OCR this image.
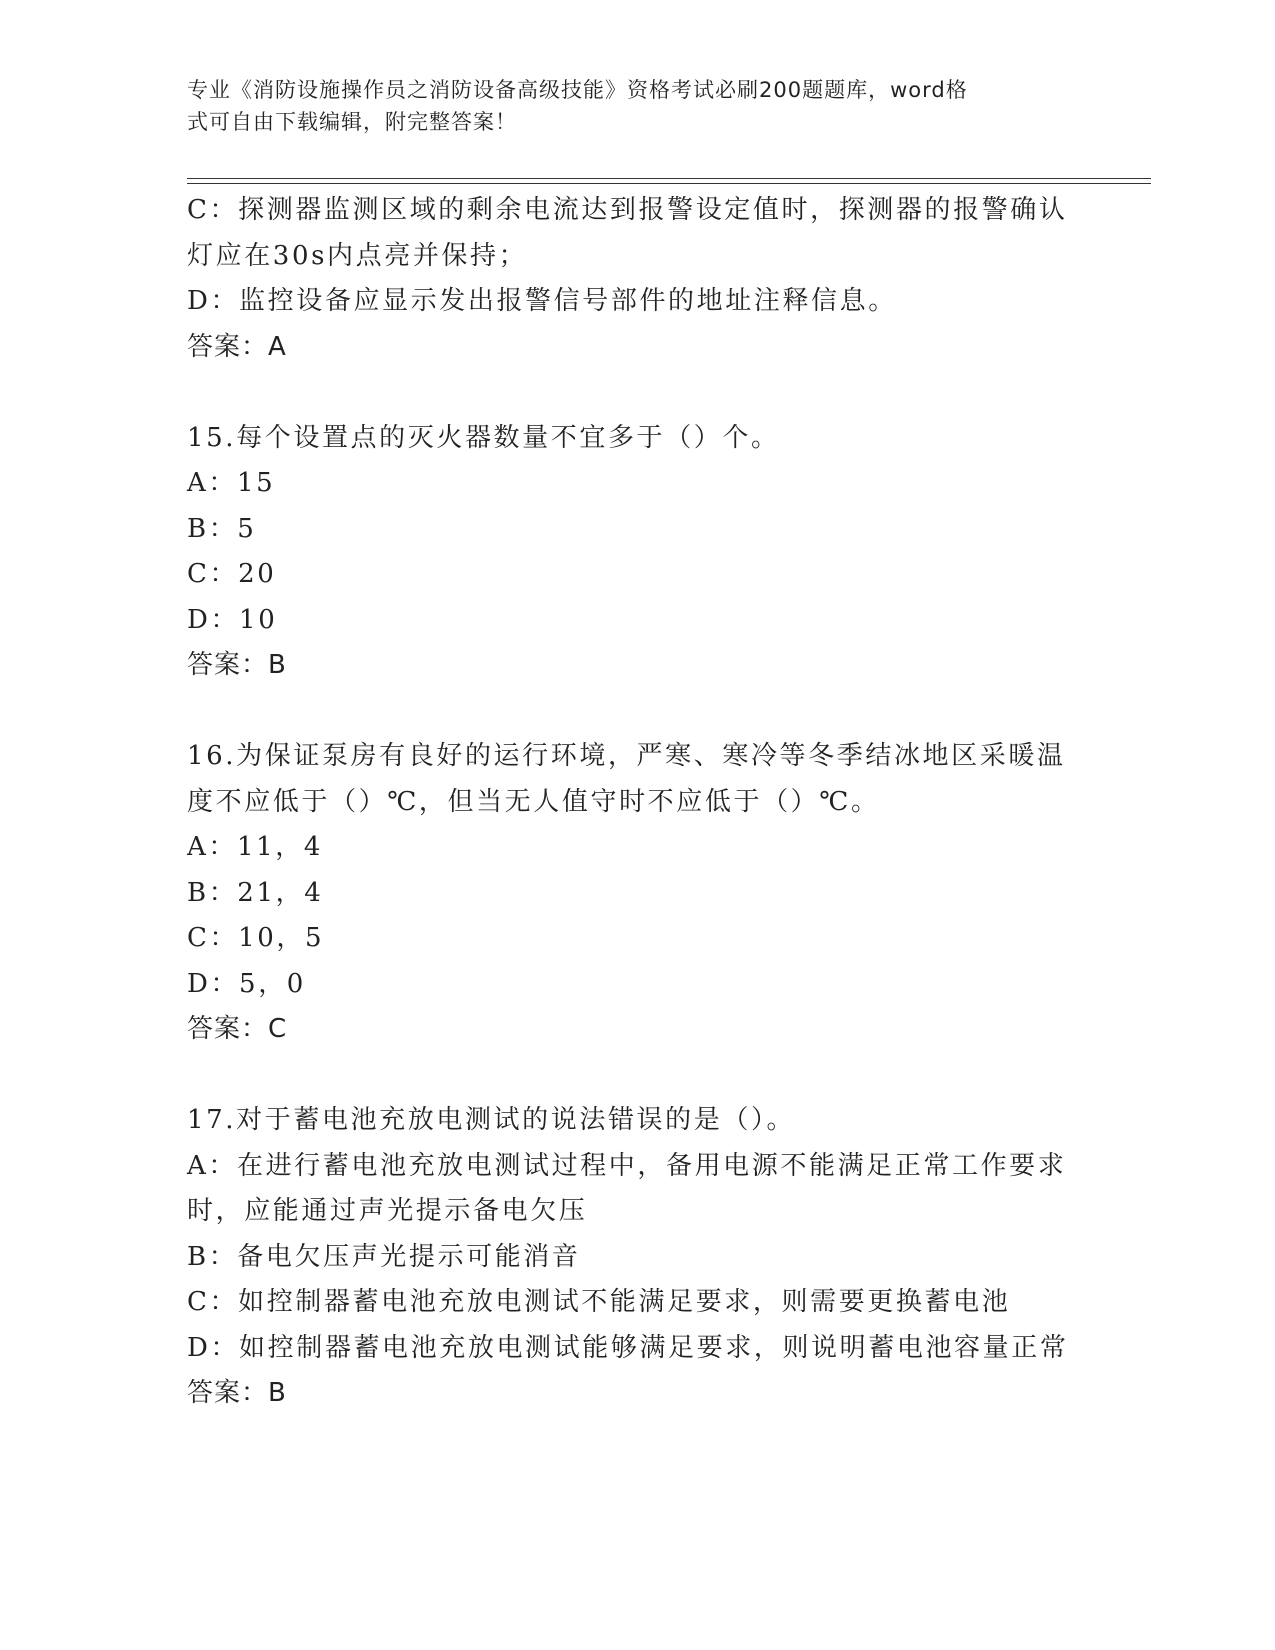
专业《消防设施操作员之消防设备高级技能》资格考试必刷200题题库，word格
式可自由下载编辑，附完整答案！
C：探测器监测区域的剩余电流达到报警设定值时，探测器的报警确认
灯应在30s内点亮并保持；
D：监控设备应显示发出报警信号部件的地址注释信息。
答案：A
15.每个设置点的灭火器数量不宜多于（）个。
A：15
B：5
C：20
D：10
答案：B
16.为保证泵房有良好的运行环境，严寒、寒冷等冬季结冰地区采暖温
度不应低于（）℃，但当无人值守时不应低于（）℃。
A：11，4
B：21，4
C：10，5
D：5，0
答案：C
17.对于蓄电池充放电测试的说法错误的是（）。
A：在进行蓄电池充放电测试过程中，备用电源不能满足正常工作要求
时，应能通过声光提示备电欠压
B：备电欠压声光提示可能消音
C：如控制器蓄电池充放电测试不能满足要求，则需要更换蓄电池
D：如控制器蓄电池充放电测试能够满足要求，则说明蓄电池容量正常
答案：B
